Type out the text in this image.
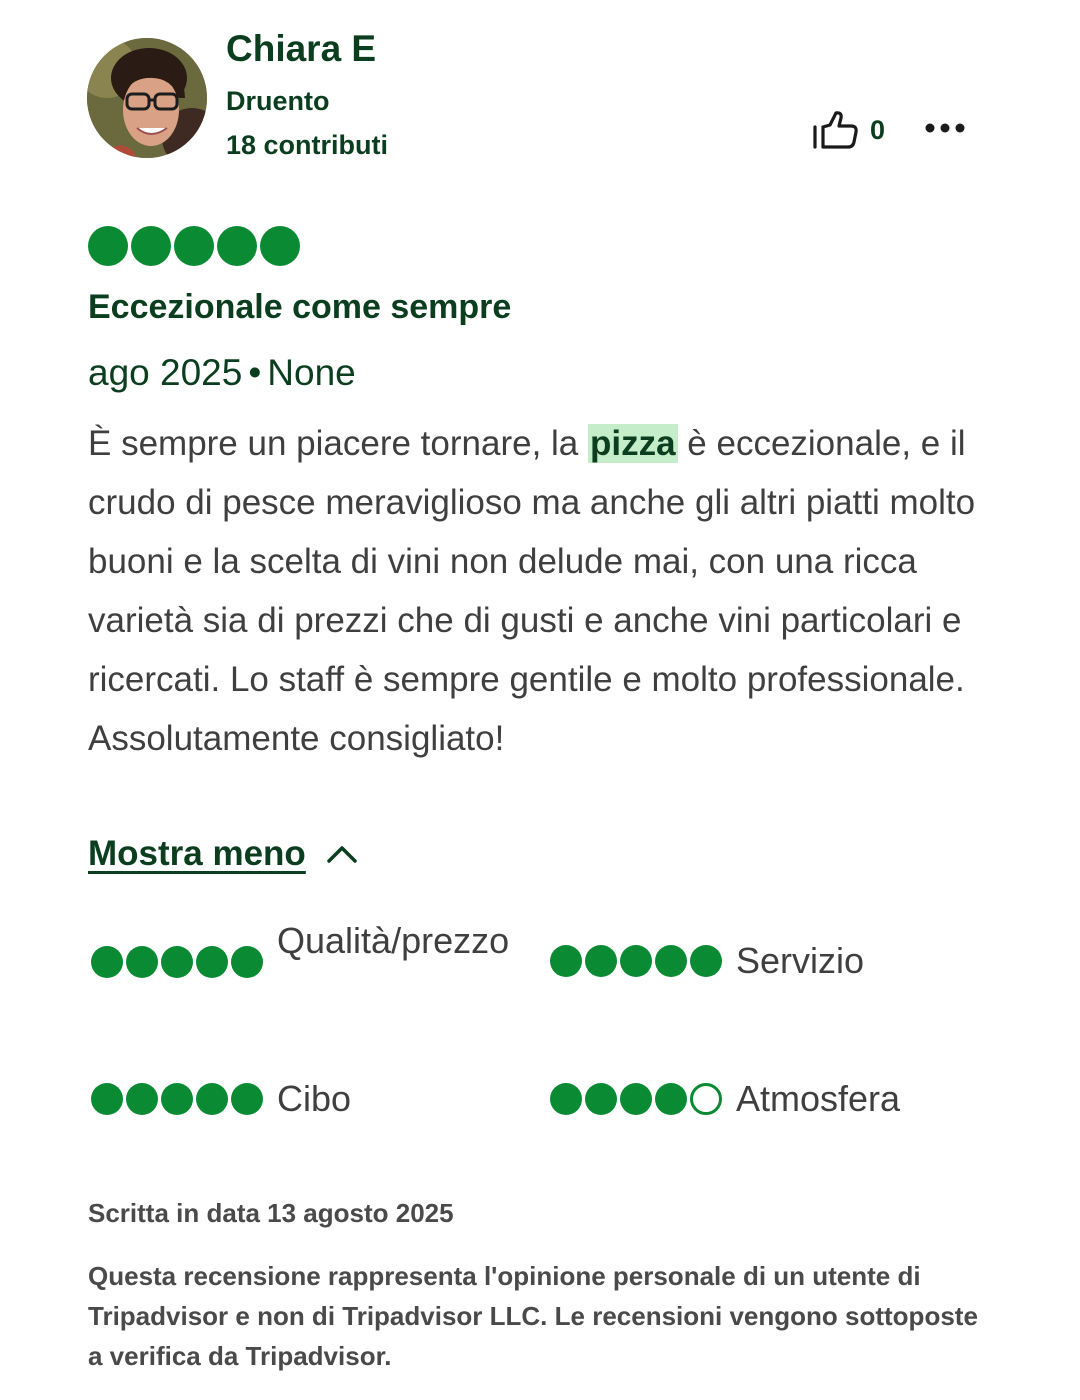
Chiara E
Druento
18 contributi
0
Eccezionale come sempre
ago 2025 • None
È sempre un piacere tornare, la pizza è eccezionale, e il crudo di pesce meraviglioso ma anche gli altri piatti molto buoni e la scelta di vini non delude mai, con una ricca varietà sia di prezzi che di gusti e anche vini particolari e ricercati. Lo staff è sempre gentile e molto professionale. Assolutamente consigliato!
Mostra meno
Qualità/prezzo	Servizio
Cibo	Atmosfera
Scritta in data 13 agosto 2025
Questa recensione rappresenta l'opinione personale di un utente di Tripadvisor e non di Tripadvisor LLC. Le recensioni vengono sottoposte a verifica da Tripadvisor.
